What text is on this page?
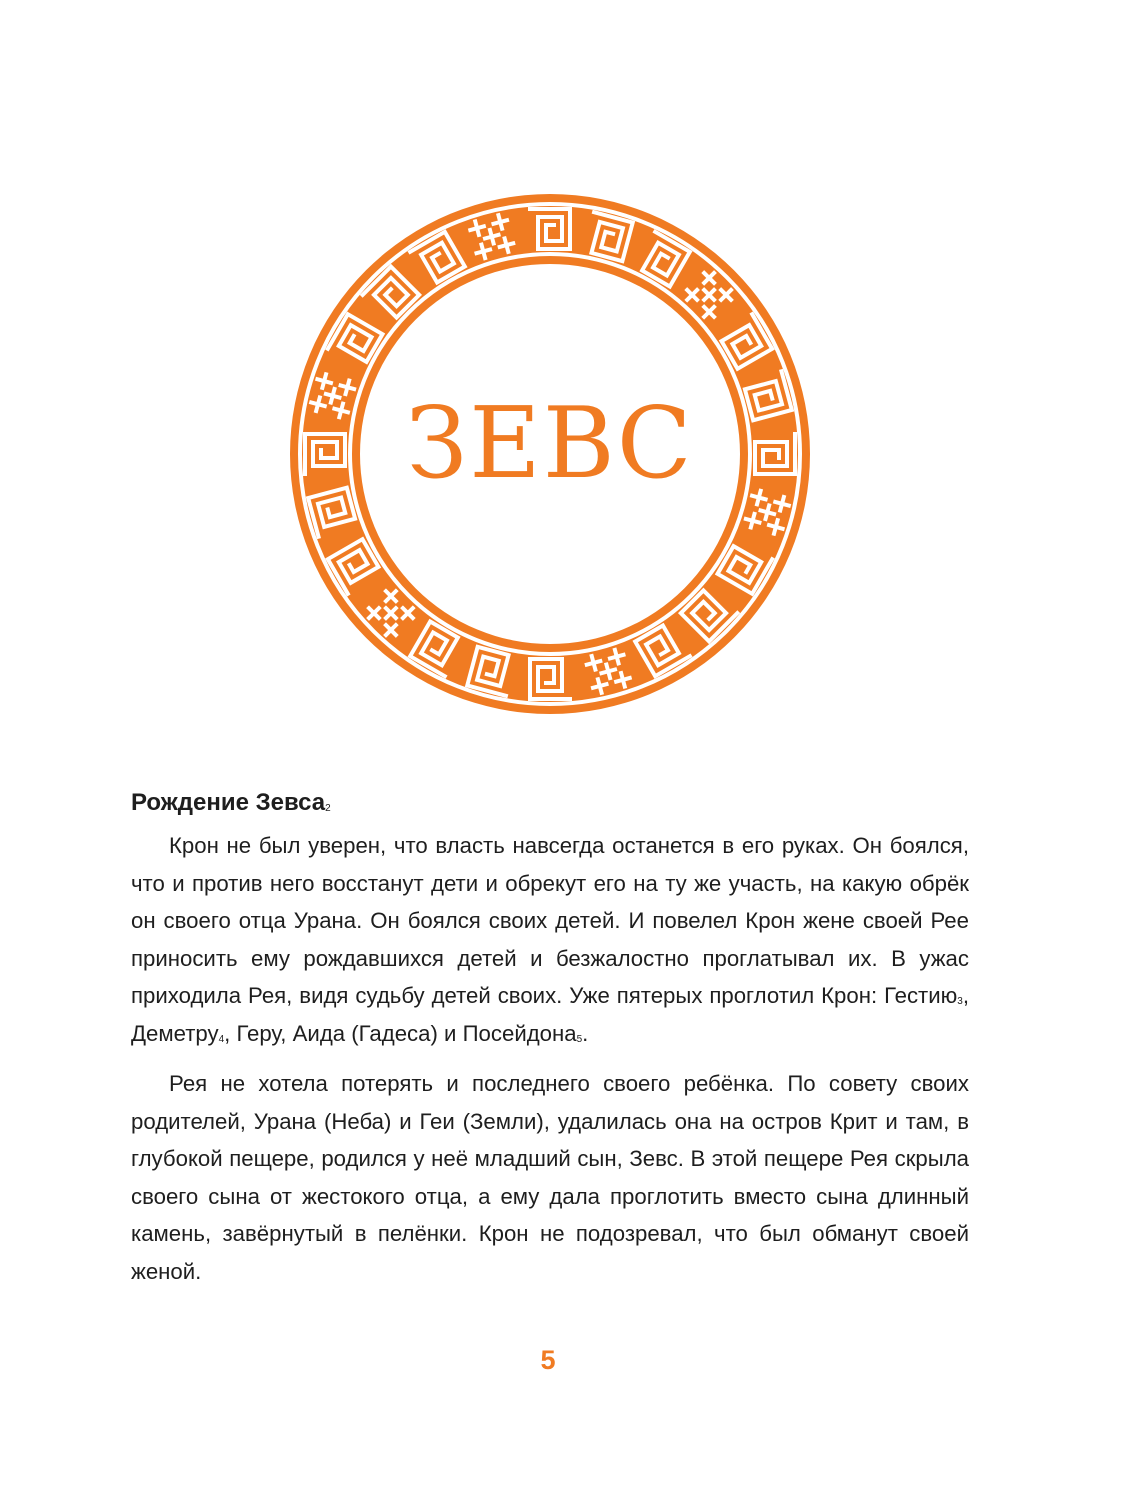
ЗЕВС
Рождение Зевса$^2$

Крон не был уверен, что власть навсегда останется в его руках. Он боялся, что и против него восстанут дети и обрекут его на ту же участь, на какую обрёк он своего отца Урана. Он боялся своих детей. И повелел Крон жене своей Рее приносить ему рождавшихся детей и безжалостно проглатывал их. В ужас приходила Рея, видя судьбу детей своих. Уже пятерых проглотил Крон: Гестию$^3$, Деметру$^4$, Геру, Аида (Гадеса) и Посейдона$^5$.

Рея не хотела потерять и последнего своего ребёнка. По совету своих родителей, Урана (Неба) и Геи (Земли), удалилась она на остров Крит и там, в глубокой пещере, родился у неё младший сын, Зевс. В этой пещере Рея скрыла своего сына от жестокого отца, а ему дала проглотить вместо сына длинный камень, завёрнутый в пелёнки. Крон не подозревал, что был обманут своей женой.

5
